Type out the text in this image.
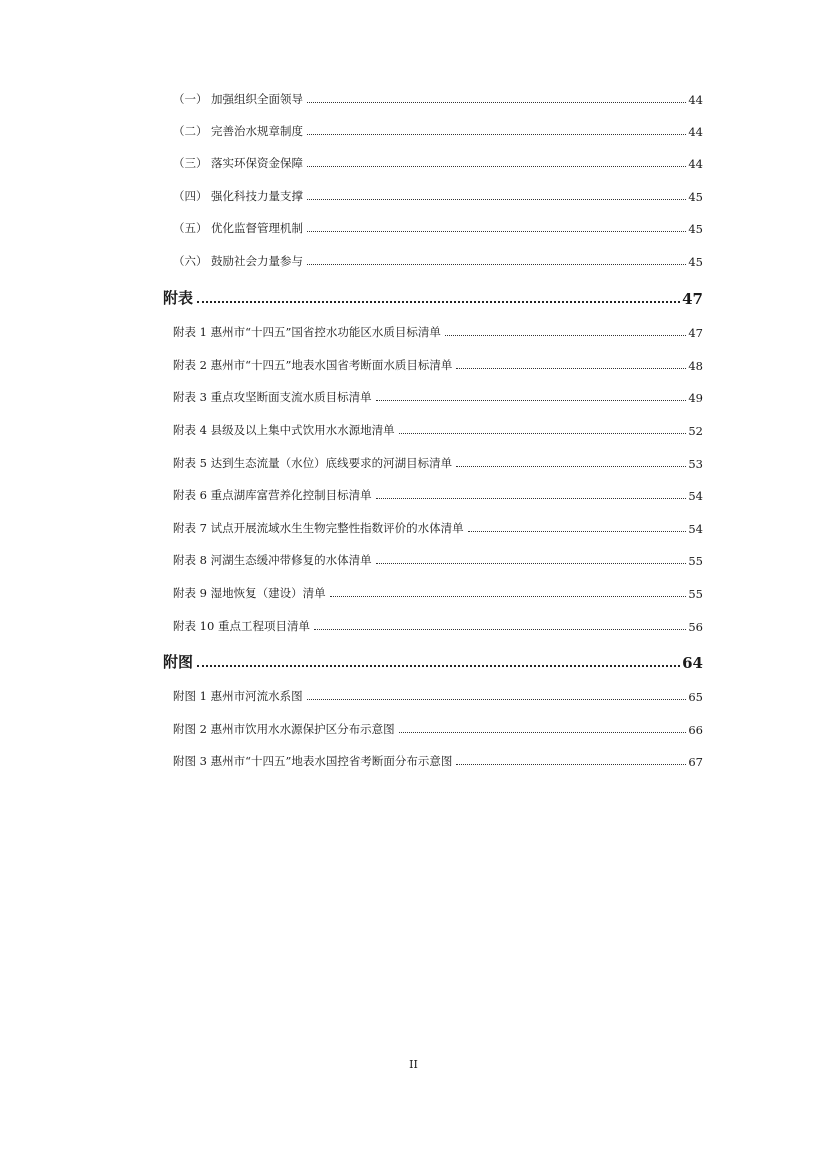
（一） 加强组织全面领导	44
（二） 完善治水规章制度	44
（三） 落实环保资金保障	44
（四） 强化科技力量支撑	45
（五） 优化监督管理机制	45
（六） 鼓励社会力量参与	45
附表	47
附表 1 惠州市“十四五”国省控水功能区水质目标清单	47
附表 2 惠州市“十四五”地表水国省考断面水质目标清单	48
附表 3 重点攻坚断面支流水质目标清单	49
附表 4 县级及以上集中式饮用水水源地清单	52
附表 5 达到生态流量（水位）底线要求的河湖目标清单	53
附表 6 重点湖库富营养化控制目标清单	54
附表 7 试点开展流域水生生物完整性指数评价的水体清单	54
附表 8 河湖生态缓冲带修复的水体清单	55
附表 9 湿地恢复（建设）清单	55
附表 10 重点工程项目清单	56
附图	64
附图 1 惠州市河流水系图	65
附图 2 惠州市饮用水水源保护区分布示意图	66
附图 3 惠州市“十四五”地表水国控省考断面分布示意图	67
II
